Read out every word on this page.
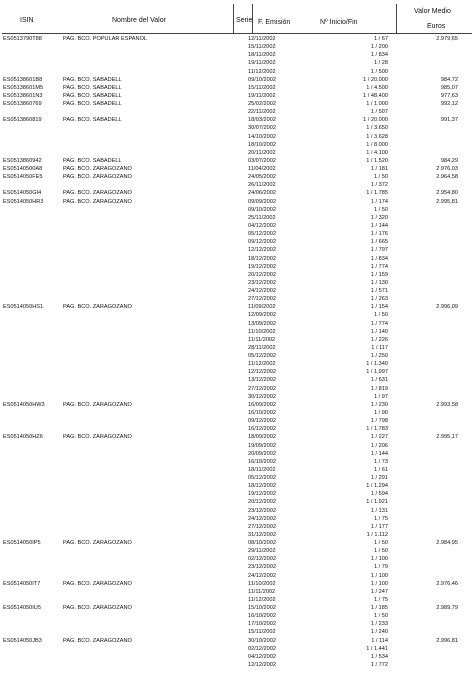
ISIN	Nombre del Valor	Serie F. Emisión	Nº Inicio/Fin
Valor Medio
Euros
ES0513790T88	PAG. BCO. POPULAR ESPAÑOL	12/11/2002	1 / 67	2.979,65
15/11/2002	1 / 200
18/11/2002	1 / 834
19/11/2002	1 / 28
11/12/2002	1 / 500
ES05138601B8	PAG. BCO. SABADELL	09/10/2002	1 / 20.000	984,72
ES05138601M5	PAG. BCO. SABADELL	15/11/2002	1 / 4.500	985,07
ES05138601N3	PAG. BCO. SABADELL	19/11/2002	1 / 48.400	977,63
ES0513860769	PAG. BCO. SABADELL	25/02/2002	1 / 1.000	992,12
22/11/2002	1 / 507
ES0513860819	PAG. BCO. SABADELL	18/03/2002	1 / 20.000	991,37
30/07/2002	1 / 3.650
14/10/2002	1 / 3.628
18/10/2002	1 / 8.000
20/11/2002	1 / 4.100
ES0513860942	PAG. BCO. SABADELL	03/07/2002	1 / 1.520	984,29
ES05140500A8	PAG. BCO. ZARAGOZANO	11/04/2002	1 / 181	2.976,03
ES0514050FE5	PAG. BCO. ZARAGOZANO	24/05/2002	1 / 50	2.964,58
26/11/2002	1 / 372
ES0514050GI4	PAG. BCO. ZARAGOZANO	24/06/2002	1 / 1.785	2.954,80
ES0514050HR3	PAG. BCO. ZARAGOZANO	09/09/2002	1 / 174	2.995,81
09/10/2002	1 / 50
25/11/2002	1 / 320
04/12/2002	1 / 144
05/12/2002	1 / 176
09/12/2002	1 / 665
12/12/2002	1 / 797
18/12/2002	1 / 834
19/12/2002	1 / 774
20/12/2002	1 / 159
23/12/2002	1 / 130
24/12/2002	1 / 571
27/12/2002	1 / 263
ES0514050HS1	PAG. BCO. ZARAGOZANO	11/09/2002	1 / 154	2.996,09
12/09/2002	1 / 50
13/09/2002	1 / 774
11/10/2002	1 / 140
11/11/2002	1 / 226
28/11/2002	1 / 117
05/12/2002	1 / 250
11/12/2002	1 / 1.340
12/12/2002	1 / 1.997
13/12/2002	1 / 631
27/12/2002	1 / 819
30/12/2002	1 / 97
ES0514050HW3	PAG. BCO. ZARAGOZANO	16/09/2002	1 / 230	2.993,58
16/10/2002	1 / 90
09/12/2002	1 / 798
16/12/2002	1 / 1.783
ES0514050HZ6	PAG. BCO. ZARAGOZANO	18/09/2002	1 / 227	2.995,17
19/09/2002	1 / 206
20/09/2002	1 / 144
16/10/2002	1 / 73
18/11/2002	1 / 61
05/12/2002	1 / 291
18/12/2002	1 / 1.294
19/12/2002	1 / 594
20/12/2002	1 / 1.921
23/12/2002	1 / 131
24/12/2002	1 / 75
27/12/2002	1 / 177
31/12/2002	1 / 1.112
ES0514050IP5	PAG. BCO. ZARAGOZANO	08/10/2002	1 / 50	2.984,95
29/11/2002	1 / 50
02/12/2002	1 / 100
23/12/2002	1 / 79
24/12/2002	1 / 100
ES0514050IT7	PAG. BCO. ZARAGOZANO	11/10/2002	1 / 100	2.976,46
11/11/2002	1 / 247
11/12/2002	1 / 75
ES0514050IU5	PAG. BCO. ZARAGOZANO	15/10/2002	1 / 185	2.989,79
16/10/2002	1 / 50
17/10/2002	1 / 233
15/11/2002	1 / 240
ES0514050JB3	PAG. BCO. ZARAGOZANO	30/10/2002	1 / 114	2.996,81
02/12/2002	1 / 1.441
04/12/2002	1 / 534
12/12/2002	1 / 772
